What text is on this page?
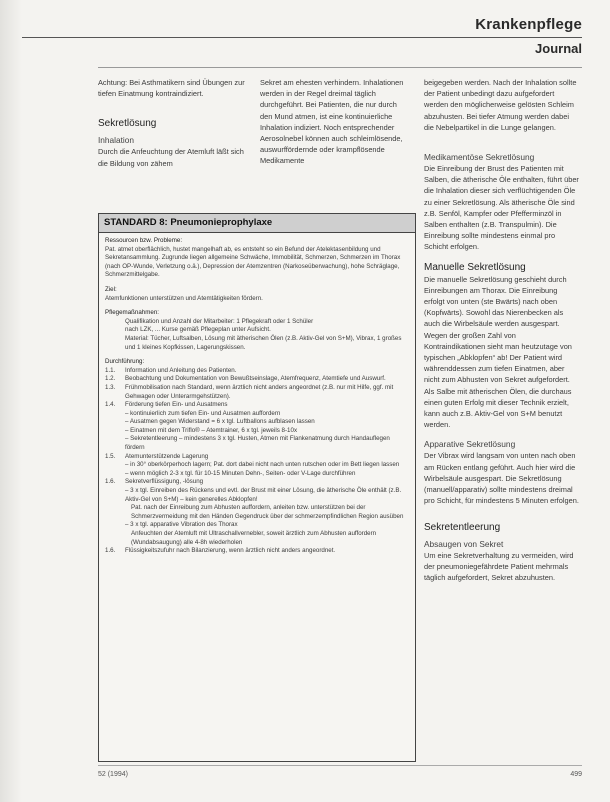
Krankenpflege
Journal

Achtung: Bei Asthmatikern sind Übungen zur tiefen Einatmung kontraindiziert.

Sekretlösung

Inhalation

Durch die Anfeuchtung der Atemluft läßt sich die Bildung von zähem

Sekret am ehesten verhindern. Inhalationen werden in der Regel dreimal täglich durchgeführt. Bei Patienten, die nur durch den Mund atmen, ist eine kontinuierliche Inhalation indiziert. Noch entsprechender Aerosolnebel können auch schleimlösende, auswurffördernde oder krampflösende Medikamente

beigegeben werden. Nach der Inhalation sollte der Patient unbedingt dazu aufgefordert werden den möglicherweise gelösten Schleim abzuhusten. Bei tiefer Atmung werden dabei die Nebelpartikel in die Lunge gelangen.

Medikamentöse Sekretlösung

Die Einreibung der Brust des Patienten mit Salben, die ätherische Öle enthalten, führt über die Inhalation dieser sich verflüchtigenden Öle zu einer Sekretlösung. Als ätherische Öle sind z.B. Senföl, Kampfer oder Pfefferminzöl in Salben enthalten (z.B. Transpulmin). Die Einreibung sollte mindestens einmal pro Schicht erfolgen.

Manuelle Sekretlösung

Die manuelle Sekretlösung geschieht durch Einreibungen am Thorax. Die Einreibung erfolgt von unten (ste Bwärts) nach oben (Kopfwärts). Sowohl das Nierenbecken als auch die Wirbelsäule werden ausgespart. Wegen der großen Zahl von Kontraindikationen sieht man heutzutage von typischen „Abklopfen“ ab! Der Patient wird währenddessen zum tiefen Einatmen, aber nicht zum Abhusten von Sekret aufgefordert. Als Salbe mit ätherischen Ölen, die durchaus einen guten Erfolg mit dieser Technik erzielt, kann auch z.B. Aktiv-Gel von S+M benutzt werden.

Apparative Sekretlösung

Der Vibrax wird langsam von unten nach oben am Rücken entlang geführt. Auch hier wird die Wirbelsäule ausgespart. Die Sekretlösung (manuell/apparativ) sollte mindestens dreimal pro Schicht, für mindestens 5 Minuten erfolgen.

Sekretentleerung

Absaugen von Sekret

Um eine Sekretverhaltung zu vermeiden, wird der pneumoniegefährdete Patient mehrmals täglich aufgefordert, Sekret abzuhusten.

STANDARD 8: Pneumonieprophylaxe

Ressourcen bzw. Probleme:

Pat. atmet oberflächlich, hustet mangelhaft ab, es entsteht so ein Befund der Atelektasenbildung und Sekretansammlung. Zugrunde liegen allgemeine Schwäche, Immobilität, Schmerzen, Schmerzen im Thorax (nach OP-Wunde, Verletzung o.ä.), Depression der Atemzentren (Narkoseüberwachung), hohe Schräglage, Schmerzmittelgabe.

Ziel:

Atemfunktionen unterstützen und Atemtätigkeiten fördern.

Pflegemaßnahmen:

Qualifikation und Anzahl der Mitarbeiter: 1 Pflegekraft oder 1 Schüler

nach LZK, ... Kurse gemäß Pflegeplan unter Aufsicht.

Material: Tücher, Luftsalben, Lösung mit ätherischen Ölen (z.B. Aktiv-Gel von S+M), Vibrax, 1 großes und 1 kleines Kopfkissen, Lagerungskissen.

Durchführung:

1.1.	Information und Anleitung des Patienten.
1.2.	Beobachtung und Dokumentation von Bewußtseinslage, Atemfrequenz, Atemtiefe und Auswurf.
1.3.	Frühmobilisation nach Standard, wenn ärztlich nicht anders angeordnet (z.B. nur mit Hilfe, ggf. mit Gehwagen oder Unterarmgehstützen).
1.4.	Förderung tiefen Ein- und Ausatmens

– kontinuierlich zum tiefen Ein- und Ausatmen auffordern

– Ausatmen gegen Widerstand = 6 x tgl. Luftballons aufblasen lassen

– Einatmen mit dem Triflo® – Atemtrainer, 6 x tgl. jeweils 8-10x

– Sekretentleerung – mindestens 3 x tgl. Husten, Atmen mit Flankenatmung durch Handauflegen fördern

1.5.	Atemunterstützende Lagerung

– in 30° oberkörperhoch lagern; Pat. dort dabei nicht nach unten rutschen oder im Bett liegen lassen

– wenn möglich 2-3 x tgl. für 10-15 Minuten Dehn-, Seiten- oder V-Lage durchführen

1.6.	Sekretverflüssigung, -lösung

– 3 x tgl. Einreiben des Rückens und evtl. der Brust mit einer Lösung, die ätherische Öle enthält (z.B. Aktiv-Gel von S+M) – kein generelles Abklopfen!

Pat. nach der Einreibung zum Abhusten auffordern, anleiten bzw. unterstützen bei der Schmerzvermeidung mit den Händen Gegendruck über der schmerzempfindlichen Region ausüben

– 3 x tgl. apparative Vibration des Thorax

Anfeuchten der Atemluft mit Ultraschallvernebler, soweit ärztlich zum Abhusten auffordern (Wundabsaugung) alle 4-8h wiederholen

1.6.	Flüssigkeitszufuhr nach Bilanzierung, wenn ärztlich nicht anders angeordnet.
52 (1994)	499
